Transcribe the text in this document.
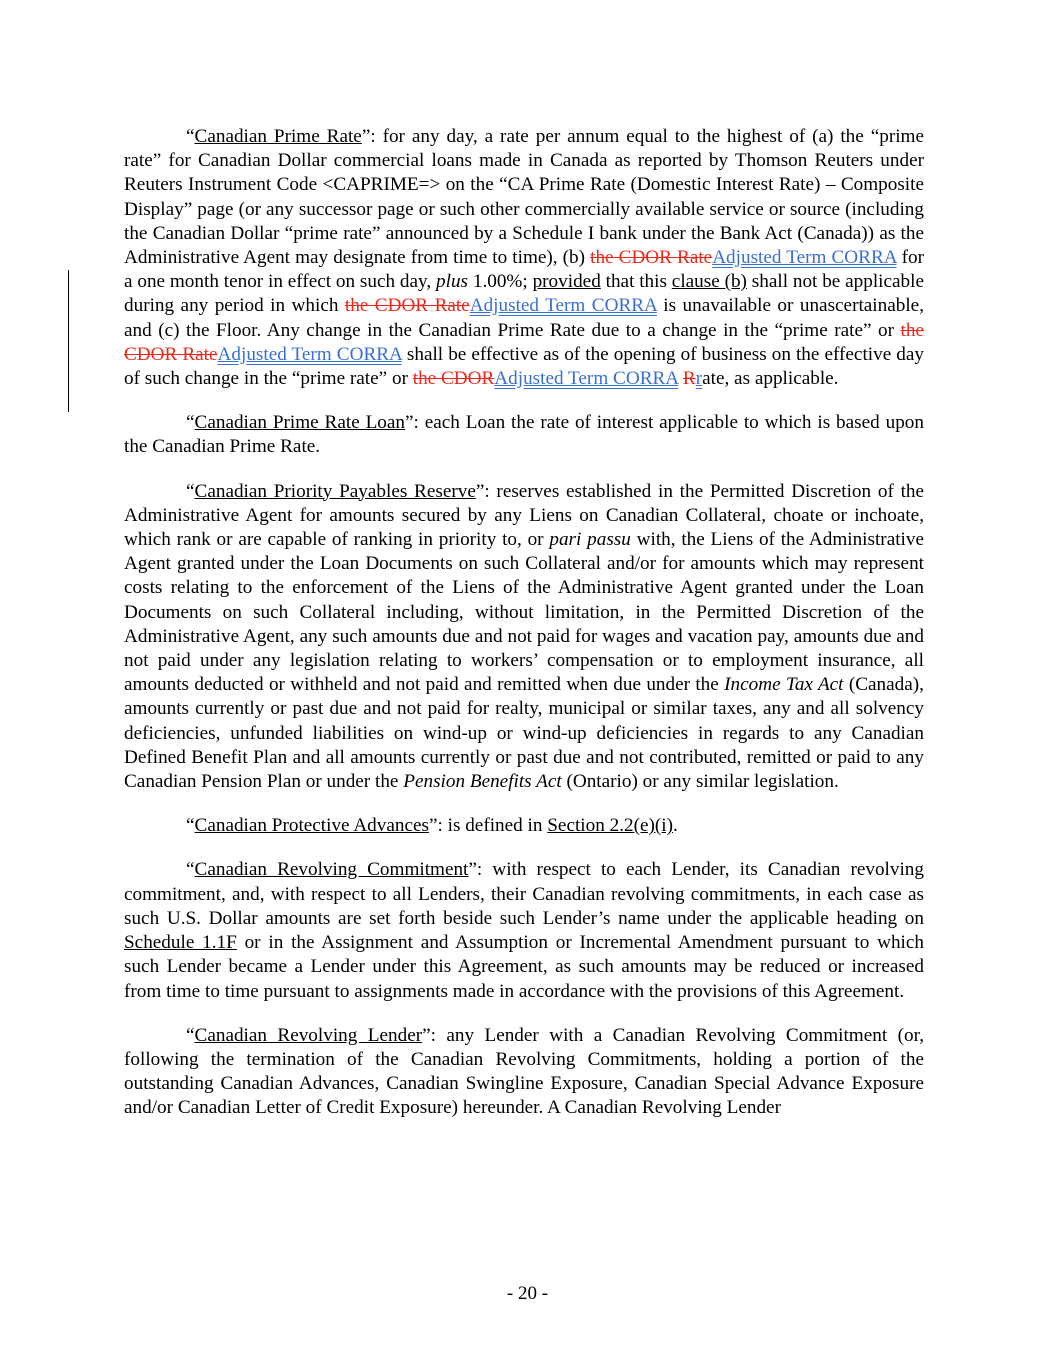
“Canadian Prime Rate”: for any day, a rate per annum equal to the highest of (a) the “prime rate” for Canadian Dollar commercial loans made in Canada as reported by Thomson Reuters under Reuters Instrument Code <CAPRIME=> on the “CA Prime Rate (Domestic Interest Rate) – Composite Display” page (or any successor page or such other commercially available service or source (including the Canadian Dollar “prime rate” announced by a Schedule I bank under the Bank Act (Canada)) as the Administrative Agent may designate from time to time), (b) the CDOR RateAdjusted Term CORRA for a one month tenor in effect on such day, plus 1.00%; provided that this clause (b) shall not be applicable during any period in which the CDOR RateAdjusted Term CORRA is unavailable or unascertainable, and (c) the Floor. Any change in the Canadian Prime Rate due to a change in the “prime rate” or the CDOR RateAdjusted Term CORRA shall be effective as of the opening of business on the effective day of such change in the “prime rate” or the CDORAdjusted Term CORRA Rrate, as applicable.

“Canadian Prime Rate Loan”: each Loan the rate of interest applicable to which is based upon the Canadian Prime Rate.

“Canadian Priority Payables Reserve”: reserves established in the Permitted Discretion of the Administrative Agent for amounts secured by any Liens on Canadian Collateral, choate or inchoate, which rank or are capable of ranking in priority to, or pari passu with, the Liens of the Administrative Agent granted under the Loan Documents on such Collateral and/or for amounts which may represent costs relating to the enforcement of the Liens of the Administrative Agent granted under the Loan Documents on such Collateral including, without limitation, in the Permitted Discretion of the Administrative Agent, any such amounts due and not paid for wages and vacation pay, amounts due and not paid under any legislation relating to workers’ compensation or to employment insurance, all amounts deducted or withheld and not paid and remitted when due under the Income Tax Act (Canada), amounts currently or past due and not paid for realty, municipal or similar taxes, any and all solvency deficiencies, unfunded liabilities on wind-up or wind-up deficiencies in regards to any Canadian Defined Benefit Plan and all amounts currently or past due and not contributed, remitted or paid to any Canadian Pension Plan or under the Pension Benefits Act (Ontario) or any similar legislation.

“Canadian Protective Advances”: is defined in Section 2.2(e)(i).

“Canadian Revolving Commitment”: with respect to each Lender, its Canadian revolving commitment, and, with respect to all Lenders, their Canadian revolving commitments, in each case as such U.S. Dollar amounts are set forth beside such Lender’s name under the applicable heading on Schedule 1.1F or in the Assignment and Assumption or Incremental Amendment pursuant to which such Lender became a Lender under this Agreement, as such amounts may be reduced or increased from time to time pursuant to assignments made in accordance with the provisions of this Agreement.

“Canadian Revolving Lender”: any Lender with a Canadian Revolving Commitment (or, following the termination of the Canadian Revolving Commitments, holding a portion of the outstanding Canadian Advances, Canadian Swingline Exposure, Canadian Special Advance Exposure and/or Canadian Letter of Credit Exposure) hereunder. A Canadian Revolving Lender

- 20 -
